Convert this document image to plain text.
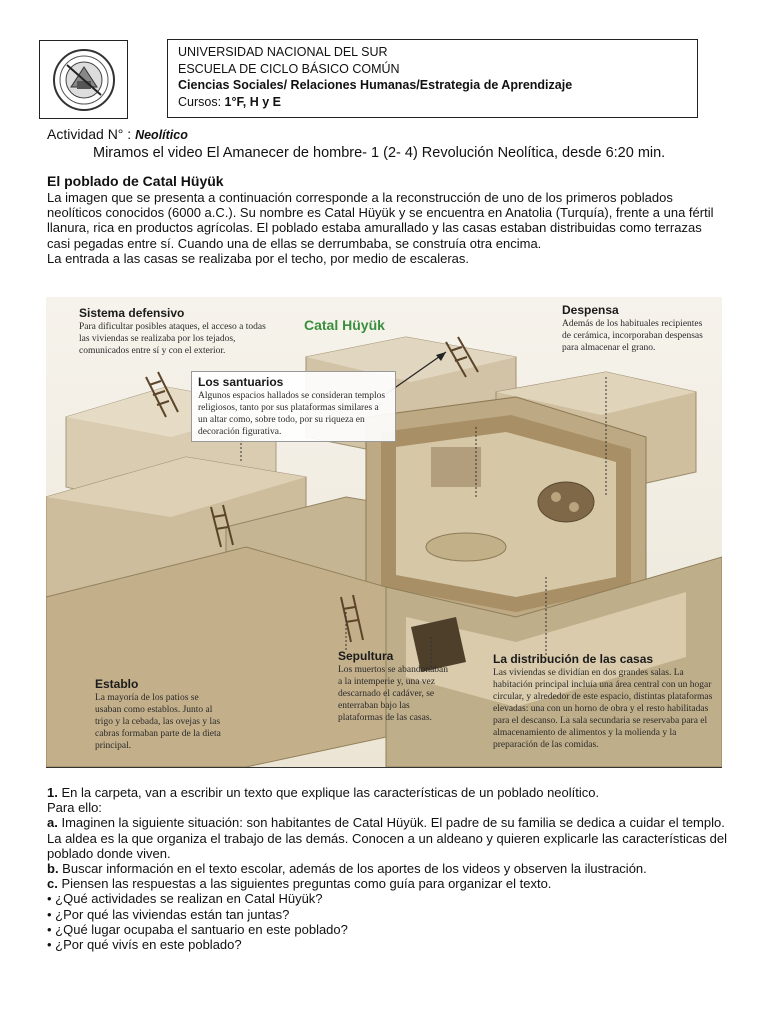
UNIVERSIDAD NACIONAL DEL SUR
ESCUELA DE CICLO BÁSICO COMÚN
Ciencias Sociales/ Relaciones Humanas/Estrategia de Aprendizaje
Cursos: 1°F, H y E
Actividad N° : Neolítico
Miramos el video El Amanecer de hombre- 1 (2- 4) Revolución Neolítica, desde 6:20 min.
El poblado de Catal Hüyük

La imagen que se presenta a continuación corresponde a la reconstrucción de uno de los primeros poblados neolíticos conocidos (6000 a.C.). Su nombre es Catal Hüyük y se encuentra en Anatolia (Turquía), frente a una fértil llanura, rica en productos agrícolas. El poblado estaba amurallado y las casas estaban distribuidas como terrazas casi pegadas entre sí. Cuando una de ellas se derrumbaba, se construía otra encima.

La entrada a las casas se realizaba por el techo, por medio de escaleras.

Catal Hüyük
Sistema defensivo
Para dificultar posibles ataques, el acceso a todas las viviendas se realizaba por los tejados, comunicados entre sí y con el exterior.
Los santuarios
Algunos espacios hallados se consideran templos religiosos, tanto por sus plataformas similares a un altar como, sobre todo, por su riqueza en decoración figurativa.
Despensa
Además de los habituales recipientes de cerámica, incorporaban despensas para almacenar el grano.
Establo
La mayoría de los patios se usaban como establos. Junto al trigo y la cebada, las ovejas y las cabras formaban parte de la dieta principal.
Sepultura
Los muertos se abandonaban a la intemperie y, una vez descarnado el cadáver, se enterraban bajo las plataformas de las casas.
La distribución de las casas
Las viviendas se dividían en dos grandes salas. La habitación principal incluía una área central con un hogar circular, y alrededor de este espacio, distintas plataformas elevadas: una con un horno de obra y el resto habilitadas para el descanso. La sala secundaria se reservaba para el almacenamiento de alimentos y la molienda y la preparación de las comidas.

1. En la carpeta, van a escribir un texto que explique las características de un poblado neolítico.

Para ello:

a. Imaginen la siguiente situación: son habitantes de Catal Hüyük. El padre de su familia se dedica a cuidar el templo. La aldea es la que organiza el trabajo de las demás. Conocen a un aldeano y quieren explicarle las características del poblado donde viven.

b. Buscar información en el texto escolar, además de los aportes de los videos y observen la ilustración.

c. Piensen las respuestas a las siguientes preguntas como guía para organizar el texto.

• ¿Qué actividades se realizan en Catal Hüyük?

• ¿Por qué las viviendas están tan juntas?

• ¿Qué lugar ocupaba el santuario en este poblado?

• ¿Por qué vivís en este poblado?
